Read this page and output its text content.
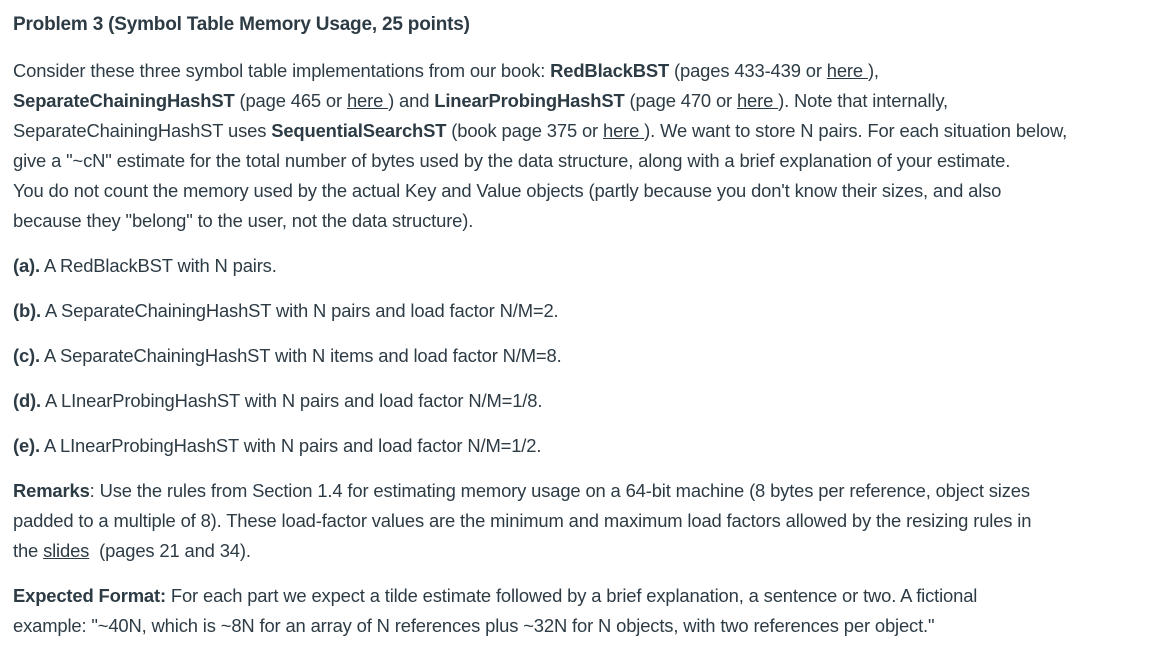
Problem 3 (Symbol Table Memory Usage, 25 points)

Consider these three symbol table implementations from our book: RedBlackBST (pages 433-439 or here ),
SeparateChainingHashST (page 465 or here ) and LinearProbingHashST (page 470 or here ). Note that internally,
SeparateChainingHashST uses SequentialSearchST (book page 375 or here ). We want to store N pairs. For each situation below,
give a "~cN" estimate for the total number of bytes used by the data structure, along with a brief explanation of your estimate.
You do not count the memory used by the actual Key and Value objects (partly because you don't know their sizes, and also
because they "belong" to the user, not the data structure).

(a). A RedBlackBST with N pairs.

(b). A SeparateChainingHashST with N pairs and load factor N/M=2.

(c). A SeparateChainingHashST with N items and load factor N/M=8.

(d). A LInearProbingHashST with N pairs and load factor N/M=1/8.

(e). A LInearProbingHashST with N pairs and load factor N/M=1/2.

Remarks: Use the rules from Section 1.4 for estimating memory usage on a 64-bit machine (8 bytes per reference, object sizes
padded to a multiple of 8). These load-factor values are the minimum and maximum load factors allowed by the resizing rules in
the slides  (pages 21 and 34).

Expected Format: For each part we expect a tilde estimate followed by a brief explanation, a sentence or two. A fictional
example: "~40N, which is ~8N for an array of N references plus ~32N for N objects, with two references per object."
